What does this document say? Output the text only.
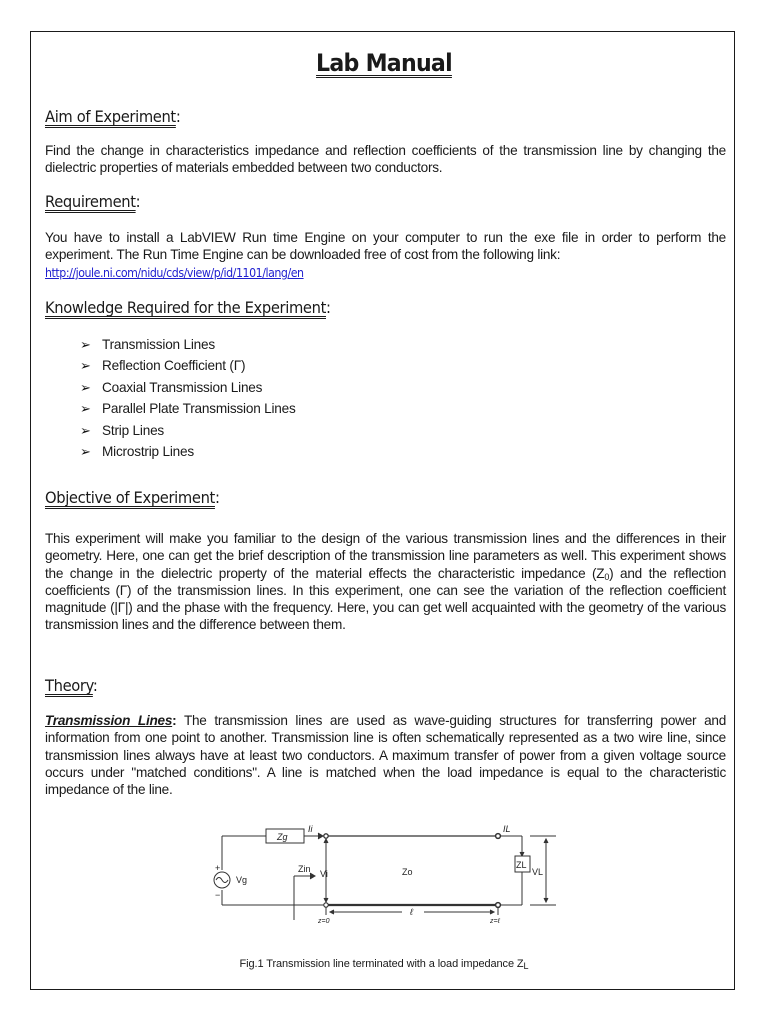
Lab Manual
Aim of Experiment:

Find the change in characteristics impedance and reflection coefficients of the transmission line by changing the dielectric properties of materials embedded between two conductors.

Requirement:

You have to install a LabVIEW Run time Engine on your computer to run the exe file in order to perform the experiment. The Run Time Engine can be downloaded free of cost from the following link:

http://joule.ni.com/nidu/cds/view/p/id/1101/lang/en
Knowledge Required for the Experiment:
➢ Transmission Lines
➢ Reflection Coefficient (Γ)
➢ Coaxial Transmission Lines
➢ Parallel Plate Transmission Lines
➢ Strip Lines
➢ Microstrip Lines
Objective of Experiment:

This experiment will make you familiar to the design of the various transmission lines and the differences in their geometry. Here, one can get the brief description of the transmission line parameters as well. This experiment shows the change in the dielectric property of the material effects the characteristic impedance $(Z_0)$ and the reflection coefficients (Γ) of the transmission lines. In this experiment, one can see the variation of the reflection coefficient magnitude (|Γ|) and the phase with the frequency. Here, you can get well acquainted with the geometry of the various transmission lines and the difference between them.

Theory:

Transmission Lines: The transmission lines are used as wave-guiding structures for transferring power and information from one point to another. Transmission line is often schematically represented as a two wire line, since transmission lines always have at least two conductors. A maximum transfer of power from a given voltage source occurs under "matched conditions". A line is matched when the load impedance is equal to the characteristic impedance of the line.

Zg
Ii	IL
Zin Vi	Zo
ZL
VL
Vg
+
−
z=0	z=ℓ
ℓ
Fig.1 Transmission line terminated with a load impedance $Z_L$
